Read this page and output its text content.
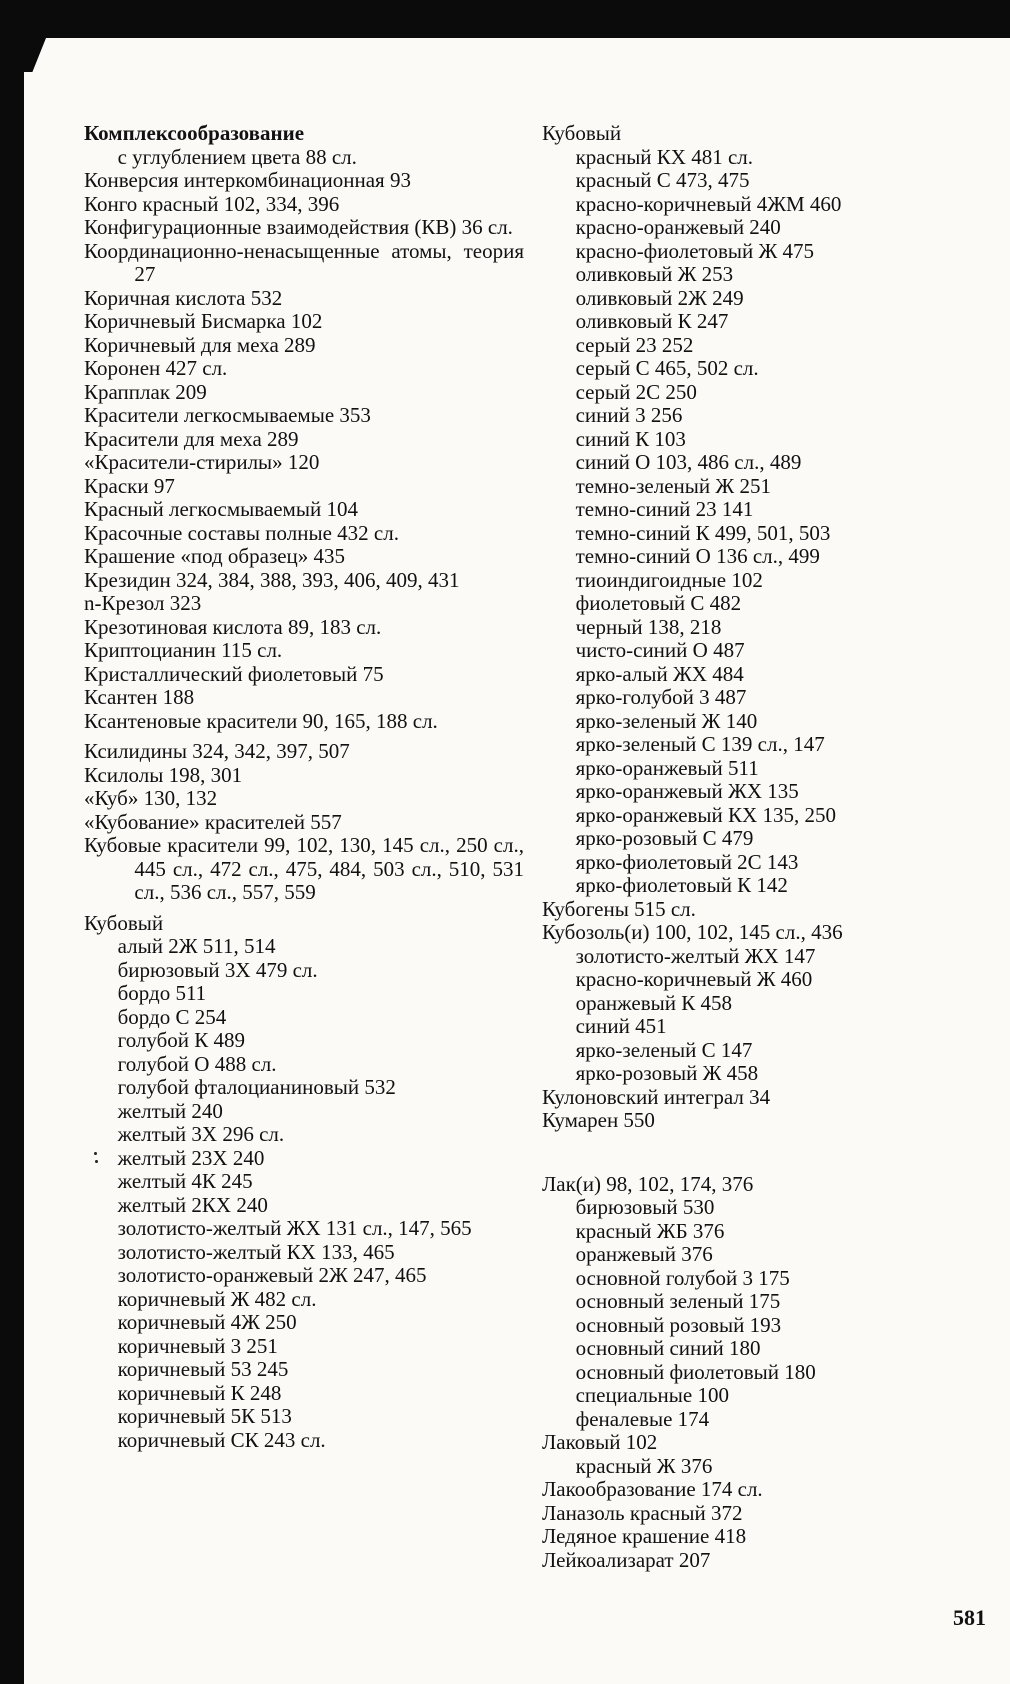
Комплексообразование
с углублением цвета 88 сл.
Конверсия интеркомбинационная 93
Конго красный 102, 334, 396
Конфигурационные взаимодействия (КВ) 36 сл.
Координационно-ненасыщенные атомы, теория 27
Коричная кислота 532
Коричневый Бисмарка 102
Коричневый для меха 289
Коронен 427 сл.
Крапплак 209
Красители легкосмываемые 353
Красители для меха 289
«Красители-стирилы» 120
Краски 97
Красный легкосмываемый 104
Красочные составы полные 432 сл.
Крашение «под образец» 435
Крезидин 324, 384, 388, 393, 406, 409, 431
n-Крезол 323
Крезотиновая кислота 89, 183 сл.
Криптоцианин 115 сл.
Кристаллический фиолетовый 75
Ксантен 188
Ксантеновые красители 90, 165, 188 сл.
Ксилидины 324, 342, 397, 507
Ксилолы 198, 301
«Куб» 130, 132
«Кубование» красителей 557
Кубовые красители 99, 102, 130, 145 сл., 250 сл., 445 сл., 472 сл., 475, 484, 503 сл., 510, 531 сл., 536 сл., 557, 559
Кубовый
алый 2Ж 511, 514
бирюзовый 3Х 479 сл.
бордо 511
бордо С 254
голубой К 489
голубой О 488 сл.
голубой фталоцианиновый 532
желтый 240
желтый 3Х 296 сл.
желтый 23Х 240
желтый 4К 245
желтый 2КХ 240
золотисто-желтый ЖХ 131 сл., 147, 565
золотисто-желтый КХ 133, 465
золотисто-оранжевый 2Ж 247, 465
коричневый Ж 482 сл.
коричневый 4Ж 250
коричневый 3 251
коричневый 53 245
коричневый К 248
коричневый 5К 513
коричневый СК 243 сл.
Кубовый
красный КХ 481 сл.
красный С 473, 475
красно-коричневый 4ЖМ 460
красно-оранжевый 240
красно-фиолетовый Ж 475
оливковый Ж 253
оливковый 2Ж 249
оливковый К 247
серый 23 252
серый С 465, 502 сл.
серый 2С 250
синий 3 256
синий К 103
синий О 103, 486 сл., 489
темно-зеленый Ж 251
темно-синий 23 141
темно-синий К 499, 501, 503
темно-синий О 136 сл., 499
тиоиндигоидные 102
фиолетовый С 482
черный 138, 218
чисто-синий О 487
ярко-алый ЖХ 484
ярко-голубой 3 487
ярко-зеленый Ж 140
ярко-зеленый С 139 сл., 147
ярко-оранжевый 511
ярко-оранжевый ЖХ 135
ярко-оранжевый КХ 135, 250
ярко-розовый С 479
ярко-фиолетовый 2С 143
ярко-фиолетовый К 142
Кубогены 515 сл.
Кубозоль(и) 100, 102, 145 сл., 436
золотисто-желтый ЖХ 147
красно-коричневый Ж 460
оранжевый К 458
синий 451
ярко-зеленый С 147
ярко-розовый Ж 458
Кулоновский интеграл 34
Кумарен 550
Лак(и) 98, 102, 174, 376
бирюзовый 530
красный ЖБ 376
оранжевый 376
основной голубой 3 175
основный зеленый 175
основный розовый 193
основный синий 180
основный фиолетовый 180
специальные 100
феналевые 174
Лаковый 102
красный Ж 376
Лакообразование 174 сл.
Ланазоль красный 372
Ледяное крашение 418
Лейкоализарат 207
581
